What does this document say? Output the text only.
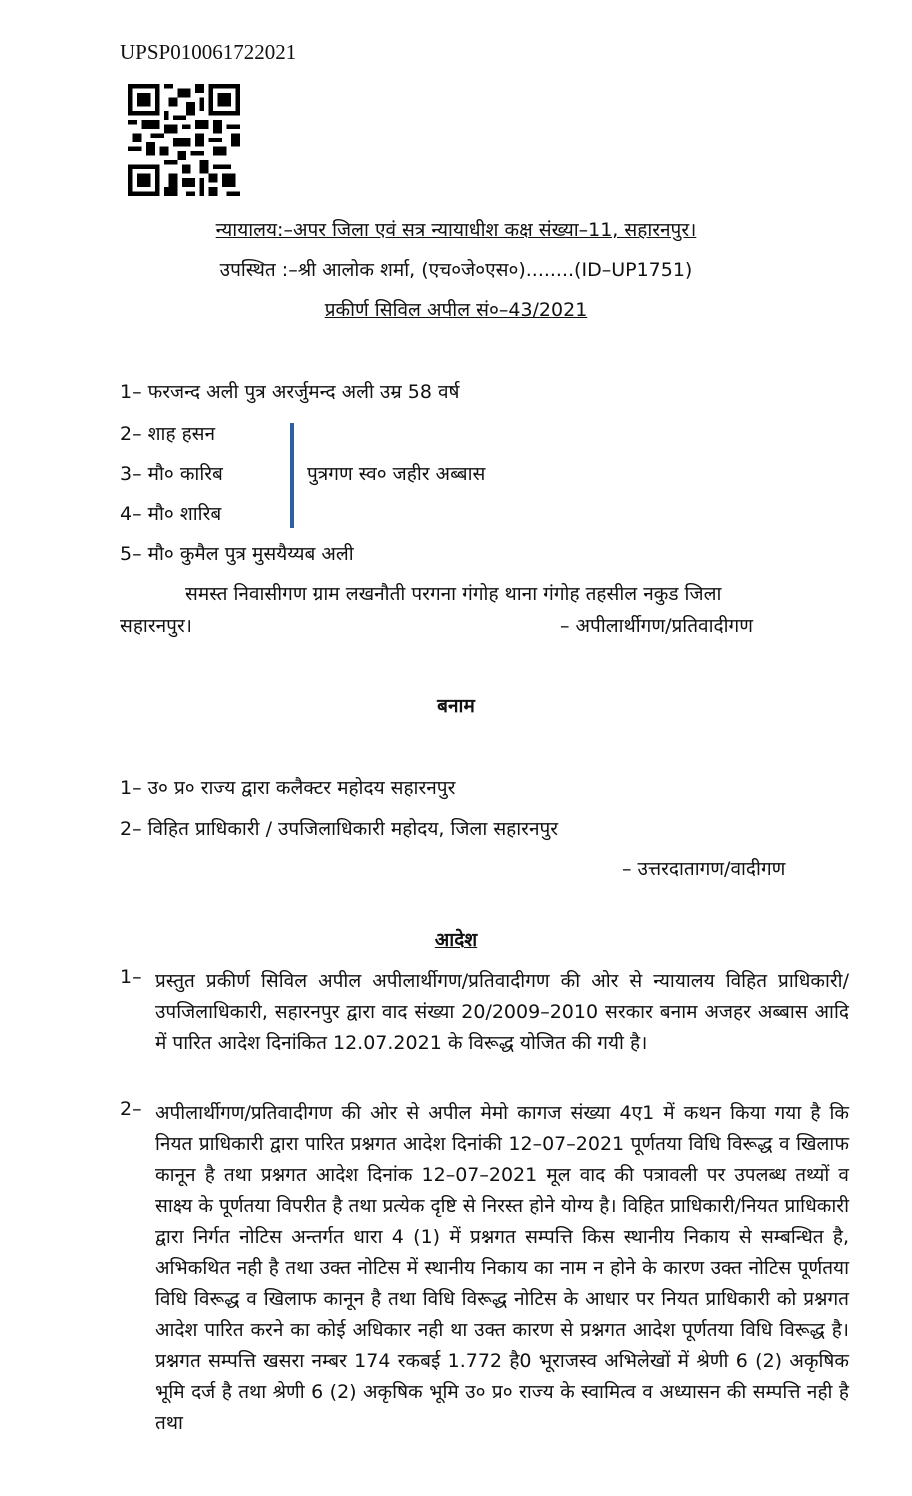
UPSP010061722021
न्यायालय:–अपर जिला एवं सत्र न्यायाधीश कक्ष संख्या–11, सहारनपुर।
उपस्थित :–श्री आलोक शर्मा, (एच०जे०एस०)........(ID–UP1751)
प्रकीर्ण सिविल अपील सं०–43/2021
1– फरजन्द अली पुत्र अरर्जुमन्द अली उम्र 58 वर्ष
2– शाह हसन
3– मौ० कारिब
4– मौ० शारिब
पुत्रगण स्व० जहीर अब्बास
5– मौ० कुमैल पुत्र मुसयैय्यब अली
समस्त निवासीगण ग्राम लखनौती परगना गंगोह थाना गंगोह तहसील नकुड जिला
सहारनपुर।	– अपीलार्थीगण/प्रतिवादीगण
बनाम
1– उ० प्र० राज्य द्वारा कलैक्टर महोदय सहारनपुर
2– विहित प्राधिकारी / उपजिलाधिकारी महोदय, जिला सहारनपुर
– उत्तरदातागण/वादीगण
आदेश
1– प्रस्तुत प्रकीर्ण सिविल अपील अपीलार्थीगण/प्रतिवादीगण की ओर से न्यायालय विहित प्राधिकारी/उपजिलाधिकारी, सहारनपुर द्वारा वाद संख्या 20/2009–2010 सरकार बनाम अजहर अब्बास आदि में पारित आदेश दिनांकित 12.07.2021 के विरूद्ध योजित की गयी है।
2– अपीलार्थीगण/प्रतिवादीगण की ओर से अपील मेमो कागज संख्या 4ए1 में कथन किया गया है कि नियत प्राधिकारी द्वारा पारित प्रश्नगत आदेश दिनांकी 12–07–2021 पूर्णतया विधि विरूद्ध व खिलाफ कानून है तथा प्रश्नगत आदेश दिनांक 12–07–2021 मूल वाद की पत्रावली पर उपलब्ध तथ्यों व साक्ष्य के पूर्णतया विपरीत है तथा प्रत्येक दृष्टि से निरस्त होने योग्य है। विहित प्राधिकारी/नियत प्राधिकारी द्वारा निर्गत नोटिस अन्तर्गत धारा 4 (1) में प्रश्नगत सम्पत्ति किस स्थानीय निकाय से सम्बन्धित है, अभिकथित नही है तथा उक्त नोटिस में स्थानीय निकाय का नाम न होने के कारण उक्त नोटिस पूर्णतया विधि विरूद्ध व खिलाफ कानून है तथा विधि विरूद्ध नोटिस के आधार पर नियत प्राधिकारी को प्रश्नगत आदेश पारित करने का कोई अधिकार नही था उक्त कारण से प्रश्नगत आदेश पूर्णतया विधि विरूद्ध है। प्रश्नगत सम्पत्ति खसरा नम्बर 174 रकबई 1.772 है0 भूराजस्व अभिलेखों में श्रेणी 6 (2) अकृषिक भूमि दर्ज है तथा श्रेणी 6 (2) अकृषिक भूमि उ० प्र० राज्य के स्वामित्व व अध्यासन की सम्पत्ति नही है तथा
